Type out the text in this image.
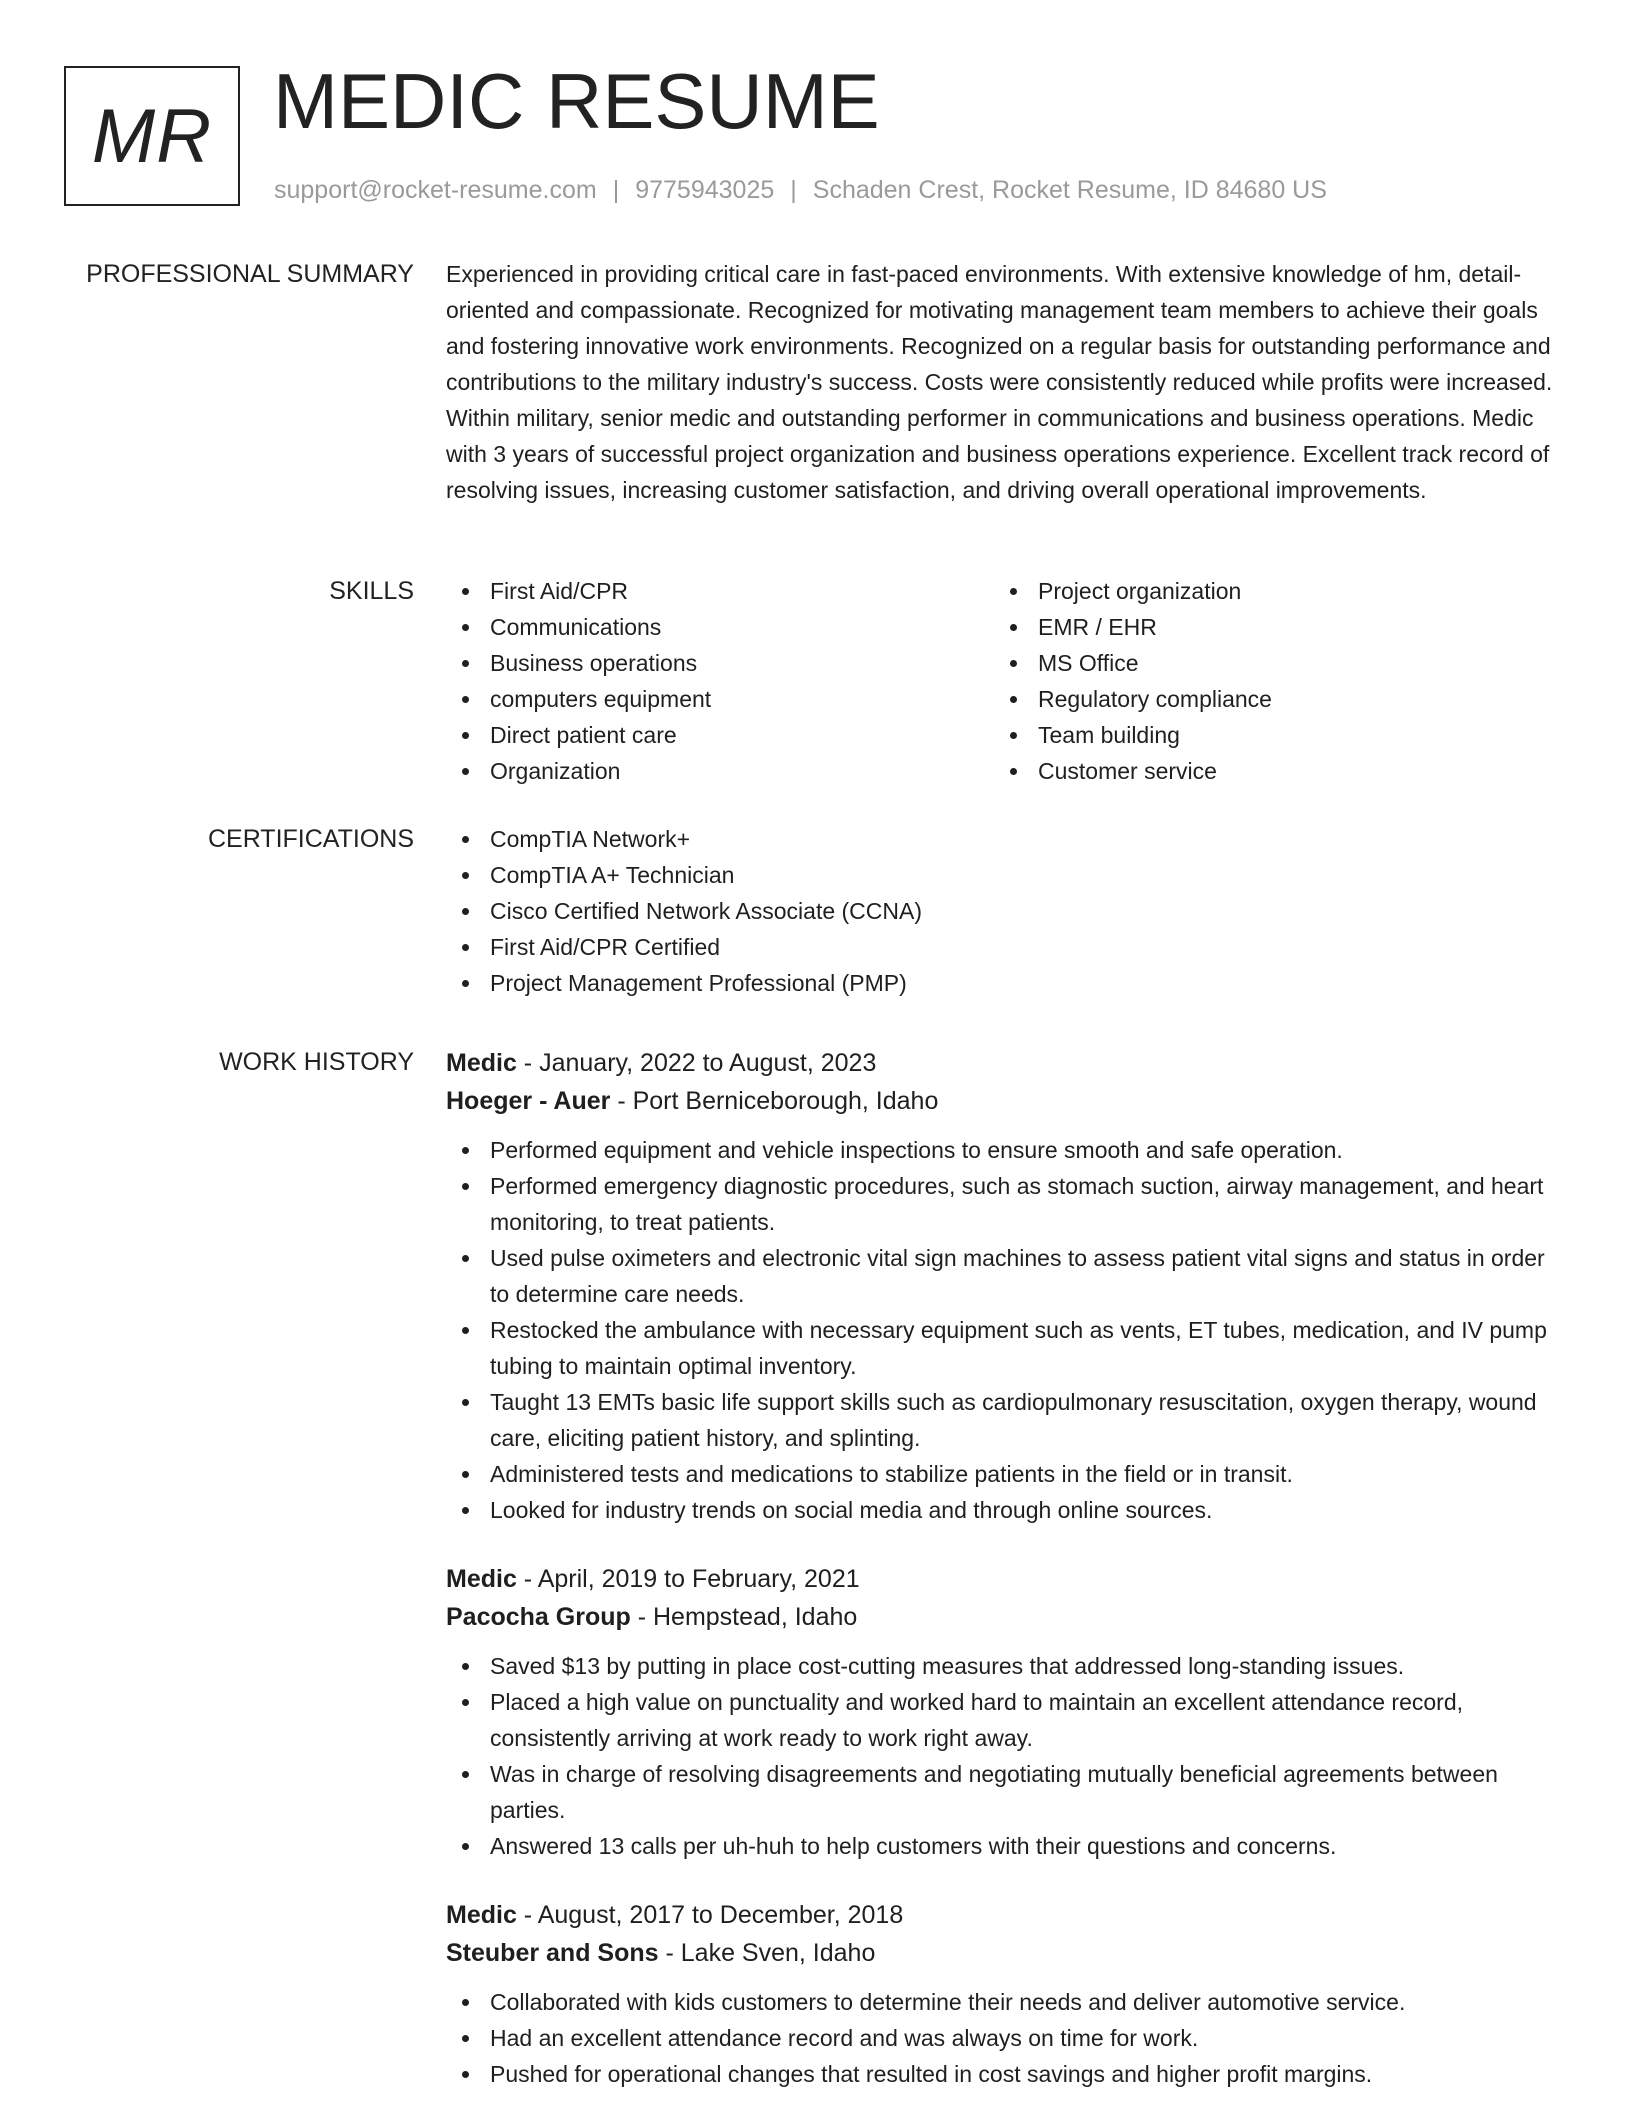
MR MEDIC RESUME
support@rocket-resume.com | 9775943025 | Schaden Crest, Rocket Resume, ID 84680 US
PROFESSIONAL SUMMARY Experienced in providing critical care in fast-paced environments. With extensive knowledge of hm, detail-oriented and compassionate. Recognized for motivating management team members to achieve their goals and fostering innovative work environments. Recognized on a regular basis for outstanding performance and contributions to the military industry's success. Costs were consistently reduced while profits were increased. Within military, senior medic and outstanding performer in communications and business operations. Medic with 3 years of successful project organization and business operations experience. Excellent track record of resolving issues, increasing customer satisfaction, and driving overall operational improvements.

SKILLS	First Aid/CPR
Communications
Business operations
computers equipment
Direct patient care
Organization
Project organization
EMR / EHR
MS Office
Regulatory compliance
Team building
Customer service
CERTIFICATIONS	CompTIA Network+
CompTIA A+ Technician
Cisco Certified Network Associate (CCNA)
First Aid/CPR Certified
Project Management Professional (PMP)
WORK HISTORY Medic - January, 2022 to August, 2023
Hoeger - Auer - Port Berniceborough, Idaho
Performed equipment and vehicle inspections to ensure smooth and safe operation.
Performed emergency diagnostic procedures, such as stomach suction, airway management, and heart monitoring, to treat patients.
Used pulse oximeters and electronic vital sign machines to assess patient vital signs and status in order to determine care needs.
Restocked the ambulance with necessary equipment such as vents, ET tubes, medication, and IV pump tubing to maintain optimal inventory.
Taught 13 EMTs basic life support skills such as cardiopulmonary resuscitation, oxygen therapy, wound care, eliciting patient history, and splinting.
Administered tests and medications to stabilize patients in the field or in transit.
Looked for industry trends on social media and through online sources.
Medic - April, 2019 to February, 2021
Pacocha Group - Hempstead, Idaho
Saved $13 by putting in place cost-cutting measures that addressed long-standing issues.
Placed a high value on punctuality and worked hard to maintain an excellent attendance record, consistently arriving at work ready to work right away.
Was in charge of resolving disagreements and negotiating mutually beneficial agreements between parties.
Answered 13 calls per uh-huh to help customers with their questions and concerns.
Medic - August, 2017 to December, 2018
Steuber and Sons - Lake Sven, Idaho
Collaborated with kids customers to determine their needs and deliver automotive service.
Had an excellent attendance record and was always on time for work.
Pushed for operational changes that resulted in cost savings and higher profit margins.
